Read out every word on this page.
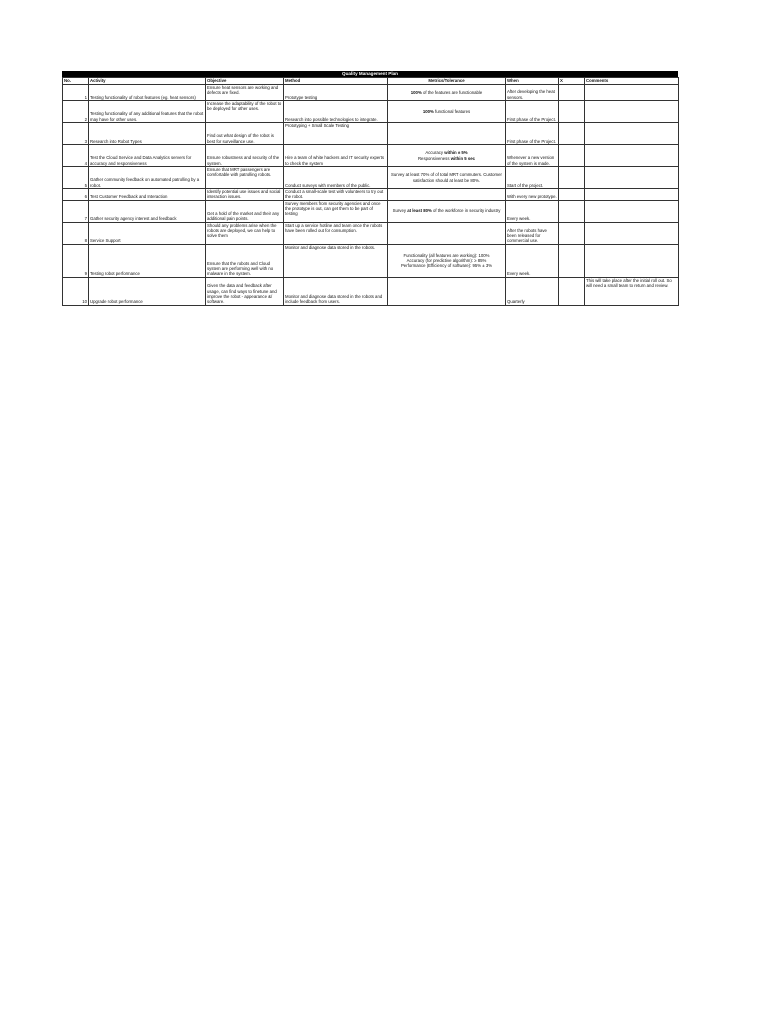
Quality Management Plan
No.	Activity	Objective	Method	Metrics/Tolerance	When	X	Comments
1	Testing functionality of robot features (eg. heat sensors)	Ensure heat sensors are working and defects are fixed.	Prototype testing	100% of the features are functionable	After developing the heat sensors.		
2	Testing functionality of any additional features that the robot may have for other uses.	Increase the adaptability of the robot to be deployed for other uses.	Research into possible technologies to integrate.	100% functional features	First phase of the Project.		
3	Research into Robot Types	Find out what design of the robot is best for surveillance use.	Prototyping + Small Scale Testing		First phase of the Project.		
4	Test the Cloud Service and Data Analytics servers for accuracy and responsiveness	Ensure robustness and security of the system.	Hire a team of white hackers and IT security experts to check the system	Accuracy within ± 5%
Responsiveness within 5 sec	Whenever a new version of the system is made.		
5	Gather community feedback on automated patrolling by a robot.	Ensure that MRT passengers are comfortable with patrolling robots.	Conduct surveys with members of the public.	Survey at least 70% of of total MRT commuters. Customer satisfaction should at least be 80%.	Start of the project.		
6	Test Customer Feedback and Interaction	Identify potential use issues and social interaction issues.	Conduct a small-scale test with volunteers to try out the robot.		With every new prototype.		
7	Gather security agency interest and feedback	Get a hold of the market and their any additional pain points.	Survey members from security agencies and once the prototype is out, can get them to be part of testing	Survey at least 80% of the workforce in security industry	Every week.		
8	Service Support	Should any problems arise when the robots are deployed, we can help to solve them	Start up a service hotline and team once the robots have been rolled out for consumption.		After the robots have been released for commercial use.		
9	Testing robot performance	Ensure that the robots and Cloud system are performing well with no malware in the system.	Monitor and diagnose data stored in the robots.	Functionality (all features are working): 100%
Accuracy (for predictive algorithm): ≥ 85%
Performance (Efficiency of software): 95% ± 3%	Every week.		
10	Upgrade robot performance	Given the data and feedback after usage, can find ways to finetune and improve the robot - appearance &/ software.	Monitor and diagnose data stored in the robots and include feedback from users.		Quarterly		This will take place after the initial roll out. So will need a small team to return and review.
